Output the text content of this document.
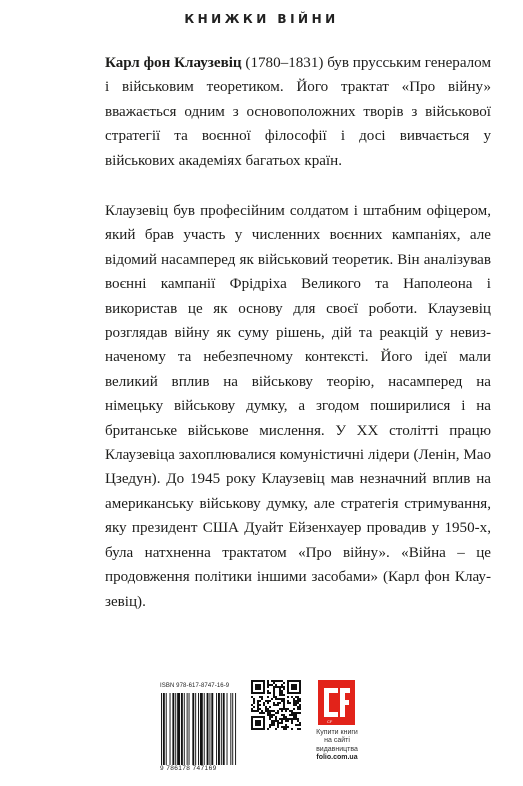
КНИЖКИ ВІЙНИ

Карл фон Клаузевіц (1780–1831) був прусським генералом і військовим теоретиком. Його трактат «Про війну» вважається одним з основоположних творів з військової стратегії та воєнної філософії і досі вивчається у військових академіях багатьох країн.

Клаузевіц був професійним солдатом і штабним офіцером, який брав участь у численних воєнних кампаніях, але відомий насамперед як військовий теоретик. Він аналізував воєнні кампанії Фрідріха Великого та Наполеона і використав це як основу для своєї роботи. Клаузевіц розглядав війну як суму рішень, дій та реакцій у невизначеному та небезпечному контексті. Його ідеї мали великий вплив на військову теорію, насамперед на німецьку військову думку, а згодом поширилися і на британське військове мислення. У ХХ столітті працю Клаузевіца захоплювалися комуністичні лідери (Ленін, Мао Цзедун). До 1945 року Клаузевіц мав незначний вплив на американську військову думку, але стратегія стримування, яку президент США Дуайт Ейзенхауер провадив у 1950-х, була натхненна трактатом «Про війну». «Війна – це продовження політики іншими засобами» (Карл фон Клаузевіц).

ISBN 978-617-8747-16-9
9 786178 747169
CF
Купити книги
на сайті
видавництва
folio.com.ua
